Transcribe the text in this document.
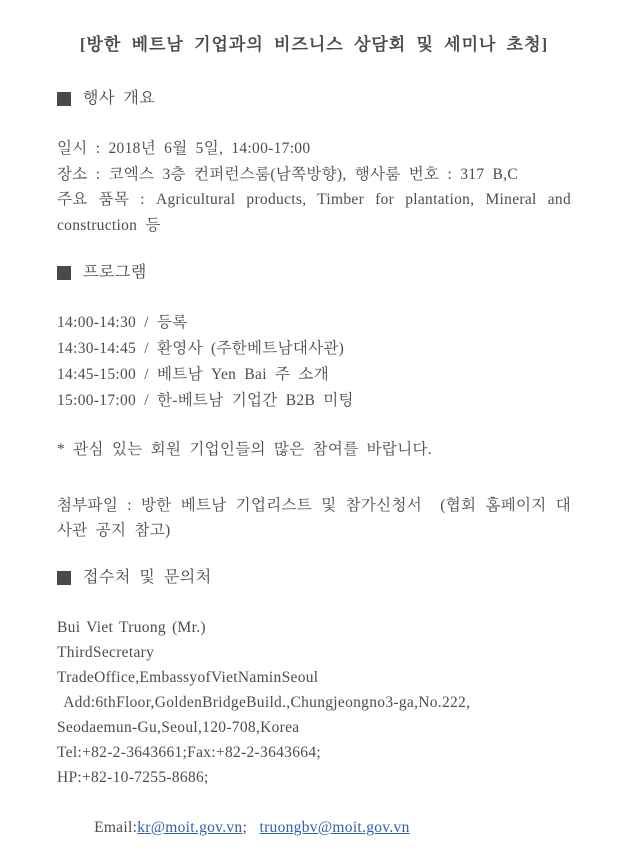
[방한 베트남 기업과의 비즈니스 상담회 및 세미나 초청]

행사 개요

일시 : 2018년 6월 5일, 14:00-17:00

장소 : 코엑스 3층 컨퍼런스룸(남쪽방향), 행사룸 번호 : 317 B,C

주요 품목 : Agricultural products, Timber for plantation, Mineral and construction 등

프로그램

14:00-14:30 / 등록

14:30-14:45 / 환영사 (주한베트남대사관)

14:45-15:00 / 베트남 Yen Bai 주 소개

15:00-17:00 / 한-베트남 기업간 B2B 미팅

* 관심 있는 회원 기업인들의 많은 참여를 바랍니다.

첨부파일 : 방한 베트남 기업리스트 및 참가신청서  (협회 홈페이지 대사관 공지 참고)

접수처 및 문의처

Bui Viet Truong (Mr.)

ThirdSecretary

TradeOffice,EmbassyofVietNaminSeoul

Add:6thFloor,GoldenBridgeBuild.,Chungjeongno3-ga,No.222,

Seodaemun-Gu,Seoul,120-708,Korea

Tel:+82-2-3643661;Fax:+82-2-3643664;

HP:+82-10-7255-8686;

Email:kr@moit.gov.vn;  truongbv@moit.gov.vn
